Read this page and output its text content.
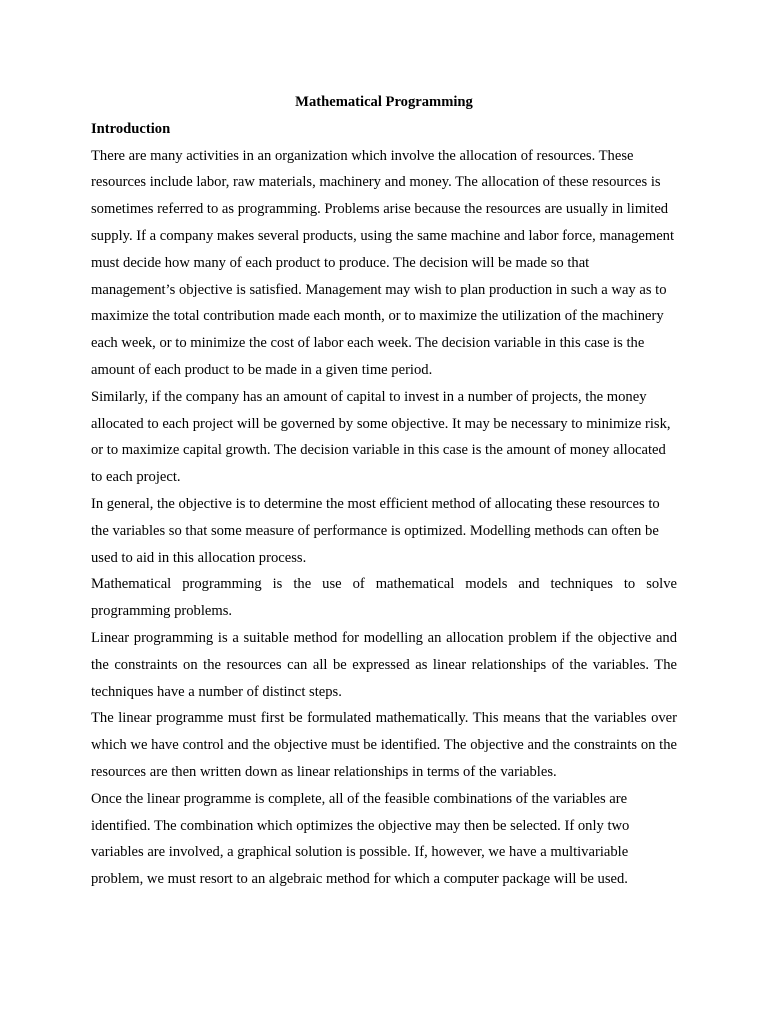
Mathematical Programming

Introduction

There are many activities in an organization which involve the allocation of resources. These resources include labor, raw materials, machinery and money. The allocation of these resources is sometimes referred to as programming. Problems arise because the resources are usually in limited supply. If a company makes several products, using the same machine and labor force, management must decide how many of each product to produce. The decision will be made so that management’s objective is satisfied. Management may wish to plan production in such a way as to maximize the total contribution made each month, or to maximize the utilization of the machinery each week, or to minimize the cost of labor each week. The decision variable in this case is the amount of each product to be made in a given time period.

Similarly, if the company has an amount of capital to invest in a number of projects, the money allocated to each project will be governed by some objective. It may be necessary to minimize risk, or to maximize capital growth. The decision variable in this case is the amount of money allocated to each project.

In general, the objective is to determine the most efficient method of allocating these resources to the variables so that some measure of performance is optimized. Modelling methods can often be used to aid in this allocation process.

Mathematical programming is the use of mathematical models and techniques to solve programming problems.

Linear programming is a suitable method for modelling an allocation problem if the objective and the constraints on the resources can all be expressed as linear relationships of the variables. The techniques have a number of distinct steps.

The linear programme must first be formulated mathematically. This means that the variables over which we have control and the objective must be identified. The objective and the constraints on the resources are then written down as linear relationships in terms of the variables.

Once the linear programme is complete, all of the feasible combinations of the variables are identified. The combination which optimizes the objective may then be selected. If only two variables are involved, a graphical solution is possible. If, however, we have a multivariable problem, we must resort to an algebraic method for which a computer package will be used.
